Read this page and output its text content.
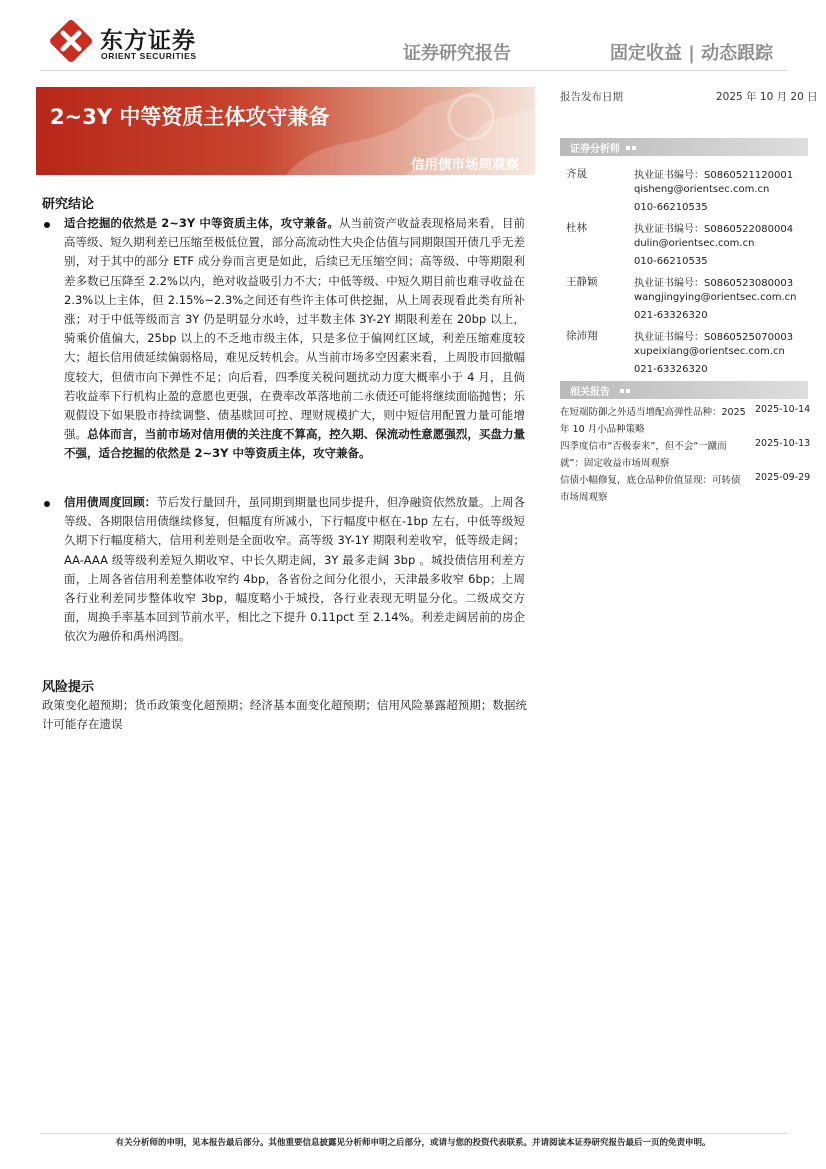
东方证券
ORIENT SECURITIES	证券研究报告	固定收益 | 动态跟踪
2~3Y 中等资质主体攻守兼备
信用债市场周观察
报告发布日期	2025 年 10 月 20 日
证券分析师
齐晟	执业证书编号：S0860521120001
qisheng@orientsec.com.cn
010-66210535
杜林	执业证书编号：S0860522080004
dulin@orientsec.com.cn
010-66210535
王静颖	执业证书编号：S0860523080003
wangjingying@orientsec.com.cn
021-63326320
徐沛翔	执业证书编号：S0860525070003
xupeixiang@orientsec.com.cn
021-63326320
相关报告
在短端防御之外适当增配高弹性品种：2025 年 10 月小品种策略
2025-10-14
四季度信市“否极泰来”，但不会“一蹴而就”：固定收益市场周观察
2025-10-13
信债小幅修复，底仓品种价值显现：可转债市场周观察
2025-09-29
研究结论

适合挖掘的依然是 2~3Y 中等资质主体，攻守兼备。从当前资产收益表现格局来看，目前高等级、短久期利差已压缩至极低位置，部分高流动性大央企估值与同期限国开债几乎无差别，对于其中的部分 ETF 成分券而言更是如此，后续已无压缩空间；高等级、中等期限利差多数已压降至 2.2%以内，绝对收益吸引力不大；中低等级、中短久期目前也难寻收益在 2.3%以上主体，但 2.15%~2.3%之间还有些许主体可供挖掘，从上周表现看此类有所补涨；对于中低等级而言 3Y 仍是明显分水岭，过半数主体 3Y-2Y 期限利差在 20bp 以上，骑乘价值偏大，25bp 以上的不乏地市级主体，只是多位于偏网红区域，利差压缩难度较大；超长信用债延续偏弱格局，难见反转机会。从当前市场多空因素来看，上周股市回撤幅度较大，但债市向下弹性不足；向后看，四季度关税问题扰动力度大概率小于 4 月，且倘若收益率下行机构止盈的意愿也更强，在费率改革落地前二永债还可能将继续面临抛售；乐观假设下如果股市持续调整、债基赎回可控、理财规模扩大，则中短信用配置力量可能增强。总体而言，当前市场对信用债的关注度不算高，控久期、保流动性意愿强烈，买盘力量不强，适合挖掘的依然是 2~3Y 中等资质主体，攻守兼备。

信用债周度回顾：节后发行量回升，虽同期到期量也同步提升，但净融资依然放量。上周各等级、各期限信用债继续修复，但幅度有所减小，下行幅度中枢在-1bp 左右，中低等级短久期下行幅度稍大，信用利差则是全面收窄。高等级 3Y-1Y 期限利差收窄，低等级走阔； AA-AAA 级等级利差短久期收窄、中长久期走阔，3Y 最多走阔 3bp 。城投债信用利差方面，上周各省信用利差整体收窄约 4bp，各省份之间分化很小，天津最多收窄 6bp；上周各行业利差同步整体收窄 3bp，幅度略小于城投，各行业表现无明显分化。二级成交方面，周换手率基本回到节前水平，相比之下提升 0.11pct 至 2.14%。利差走阔居前的房企依次为融侨和禹州鸿图。

风险提示

政策变化超预期；货币政策变化超预期；经济基本面变化超预期；信用风险暴露超预期；数据统计可能存在遗误

有关分析师的申明，见本报告最后部分。其他重要信息披露见分析师申明之后部分，或请与您的投资代表联系。并请阅读本证券研究报告最后一页的免责申明。
